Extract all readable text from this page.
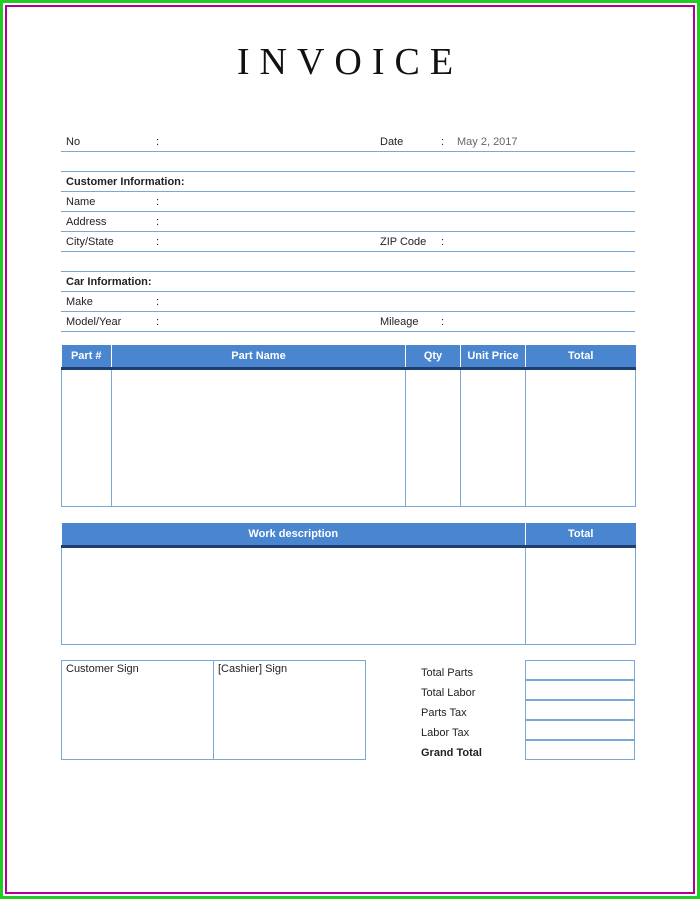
INVOICE
No	:	Date	: May 2, 2017
Customer Information:
Name	:
Address	:
City/State	:	ZIP Code :
Car Information:
Make	:
Model/Year	:	Mileage :
Part #	Part Name	Qty	Unit Price	Total

Work description	Total

Customer Sign	[Cashier] Sign	Total Parts
Total Labor
Parts Tax
Labor Tax
Grand Total
